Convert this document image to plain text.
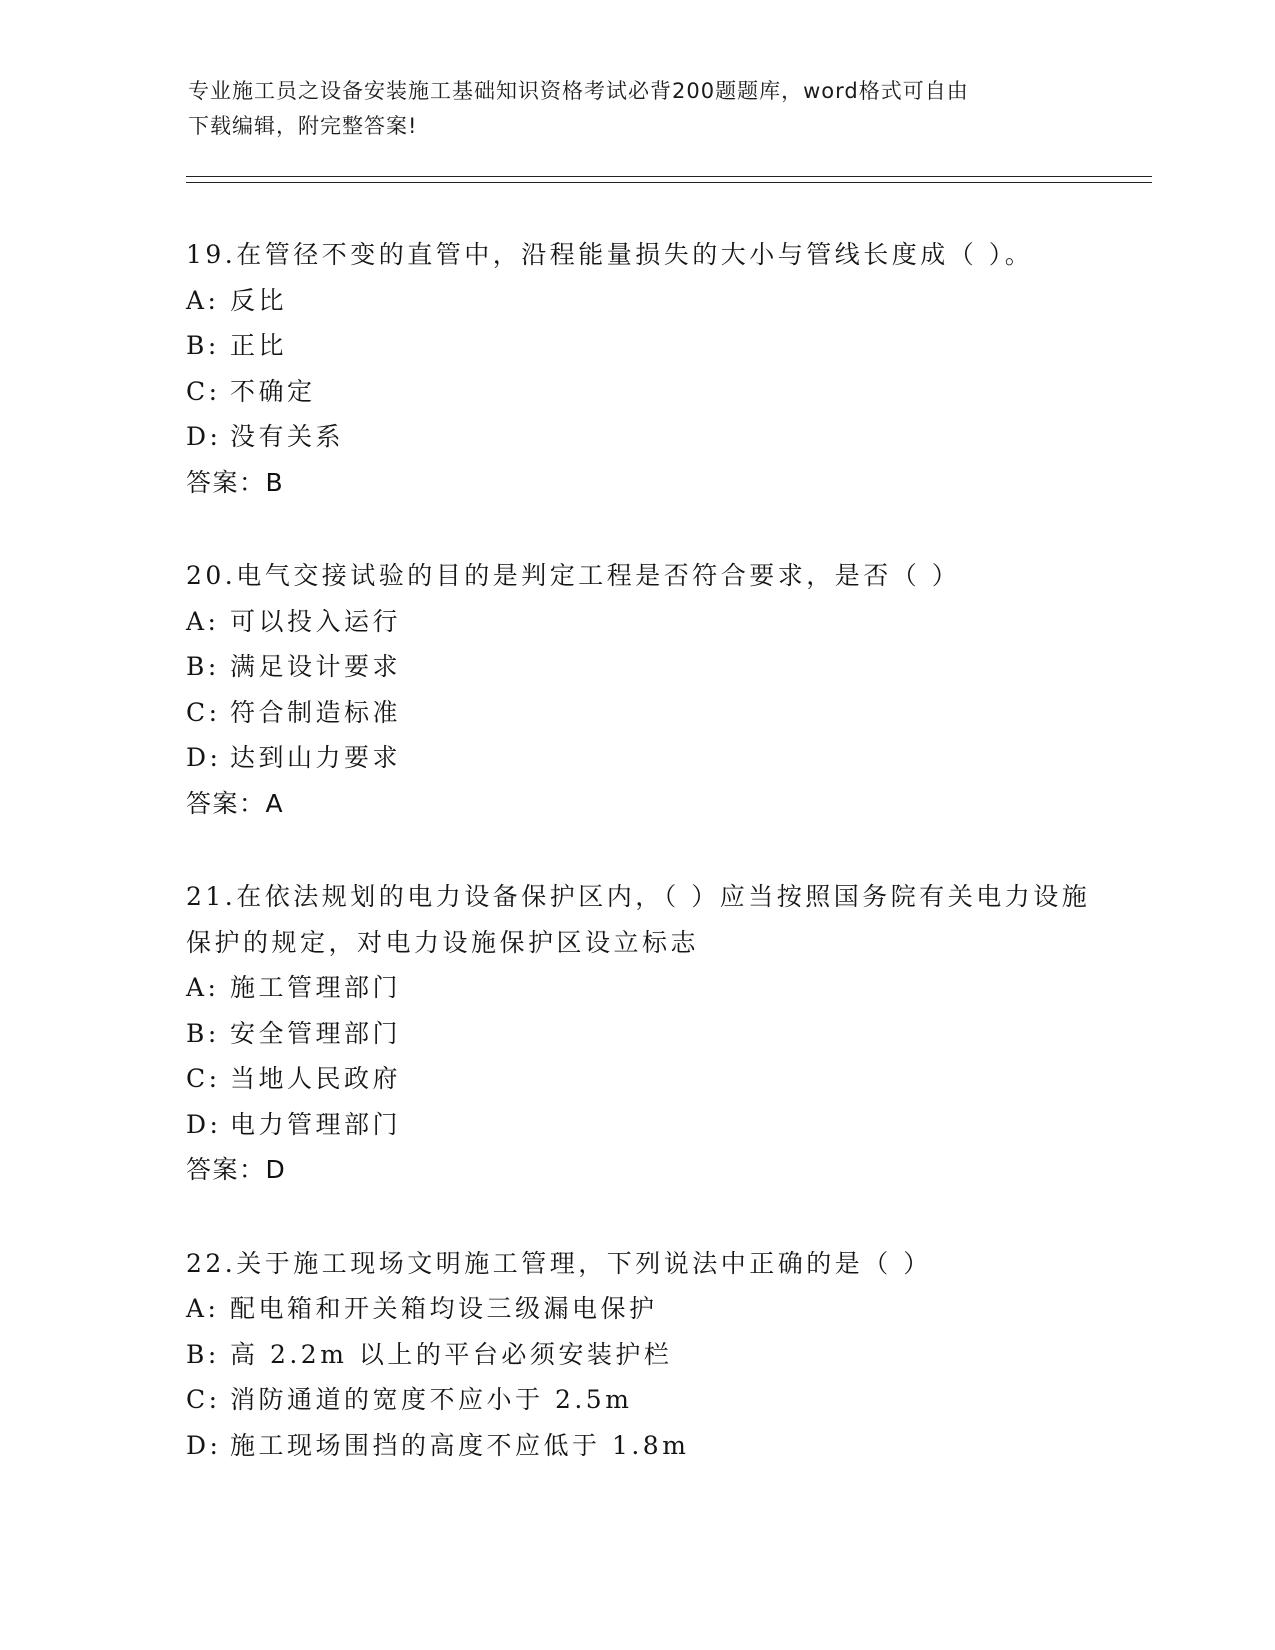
专业施工员之设备安装施工基础知识资格考试必背200题题库，word格式可自由
下载编辑，附完整答案!
19.在管径不变的直管中，沿程能量损失的大小与管线长度成（ ）。
A: 反比
B: 正比
C: 不确定
D: 没有关系
答案：B
20.电气交接试验的目的是判定工程是否符合要求，是否（ ）
A: 可以投入运行
B: 满足设计要求
C: 符合制造标准
D: 达到山力要求
答案：A
21.在依法规划的电力设备保护区内，（ ）应当按照国务院有关电力设施保护的规定，对电力设施保护区设立标志
A: 施工管理部门
B: 安全管理部门
C: 当地人民政府
D: 电力管理部门
答案：D
22.关于施工现场文明施工管理，下列说法中正确的是（ ）
A: 配电箱和开关箱均设三级漏电保护
B: 高 2.2m 以上的平台必须安装护栏
C: 消防通道的宽度不应小于 2.5m
D: 施工现场围挡的高度不应低于 1.8m
